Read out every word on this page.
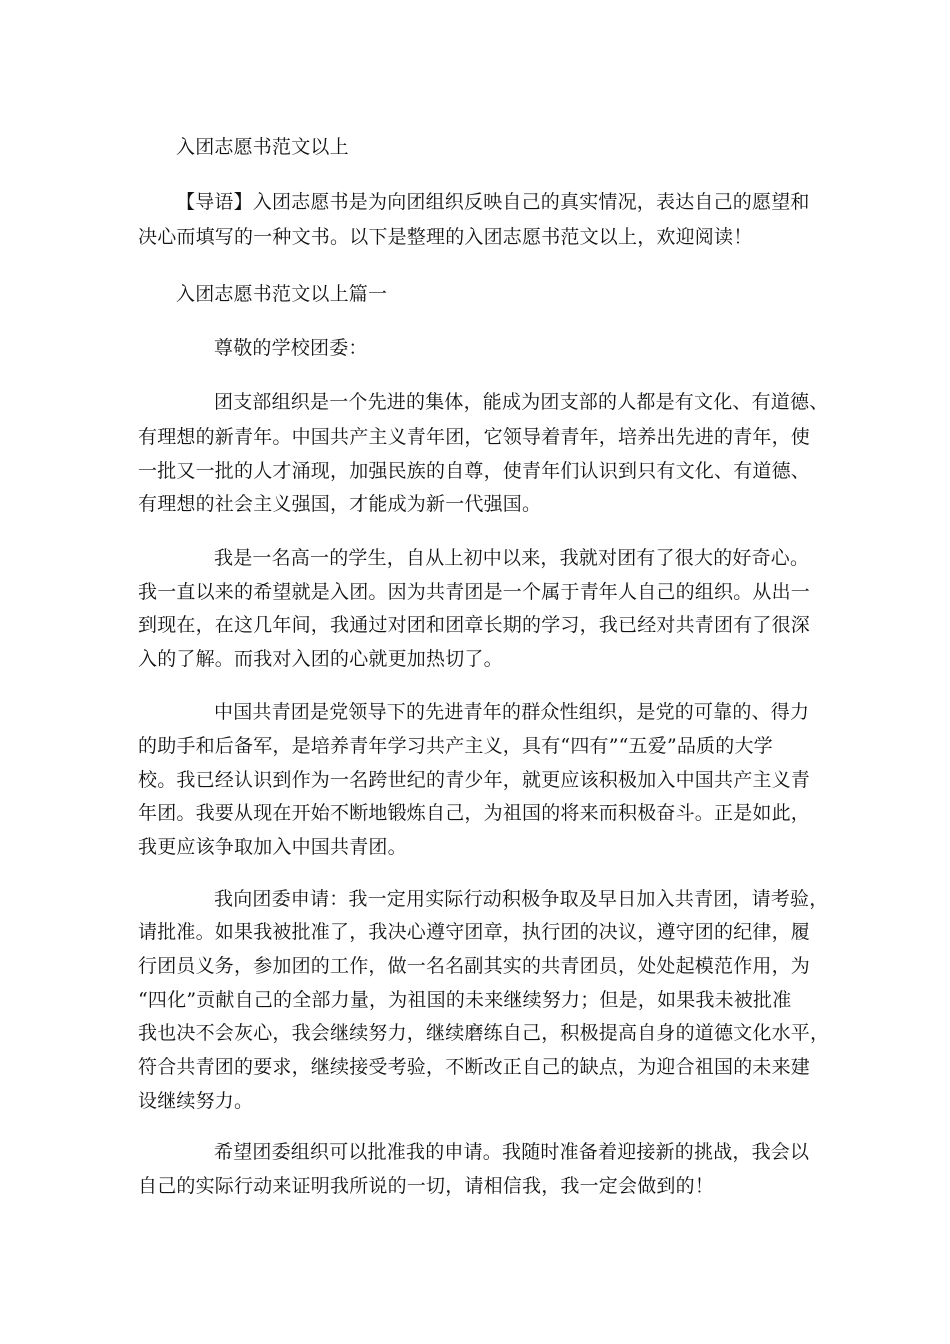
入团志愿书范文以上
【导语】入团志愿书是为向团组织反映自己的真实情况，表达自己的愿望和
决心而填写的一种文书。以下是整理的入团志愿书范文以上，欢迎阅读！
入团志愿书范文以上篇一
尊敬的学校团委：
团支部组织是一个先进的集体，能成为团支部的人都是有文化、有道德、
有理想的新青年。中国共产主义青年团，它领导着青年，培养出先进的青年，使
一批又一批的人才涌现，加强民族的自尊，使青年们认识到只有文化、有道德、
有理想的社会主义强国，才能成为新一代强国。
我是一名高一的学生，自从上初中以来，我就对团有了很大的好奇心。
我一直以来的希望就是入团。因为共青团是一个属于青年人自己的组织。从出一
到现在，在这几年间，我通过对团和团章长期的学习，我已经对共青团有了很深
入的了解。而我对入团的心就更加热切了。
中国共青团是党领导下的先进青年的群众性组织，是党的可靠的、得力
的助手和后备军，是培养青年学习共产主义，具有“四有”“五爱”品质的大学
校。我已经认识到作为一名跨世纪的青少年，就更应该积极加入中国共产主义青
年团。我要从现在开始不断地锻炼自己，为祖国的将来而积极奋斗。正是如此，
我更应该争取加入中国共青团。
我向团委申请：我一定用实际行动积极争取及早日加入共青团，请考验，
请批准。如果我被批准了，我决心遵守团章，执行团的决议，遵守团的纪律，履
行团员义务，参加团的工作，做一名名副其实的共青团员，处处起模范作用，为
“四化”贡献自己的全部力量，为祖国的未来继续努力；但是，如果我未被批准
我也决不会灰心，我会继续努力，继续磨练自己，积极提高自身的道德文化水平，
符合共青团的要求，继续接受考验，不断改正自己的缺点，为迎合祖国的未来建
设继续努力。
希望团委组织可以批准我的申请。我随时准备着迎接新的挑战，我会以
自己的实际行动来证明我所说的一切，请相信我，我一定会做到的！
